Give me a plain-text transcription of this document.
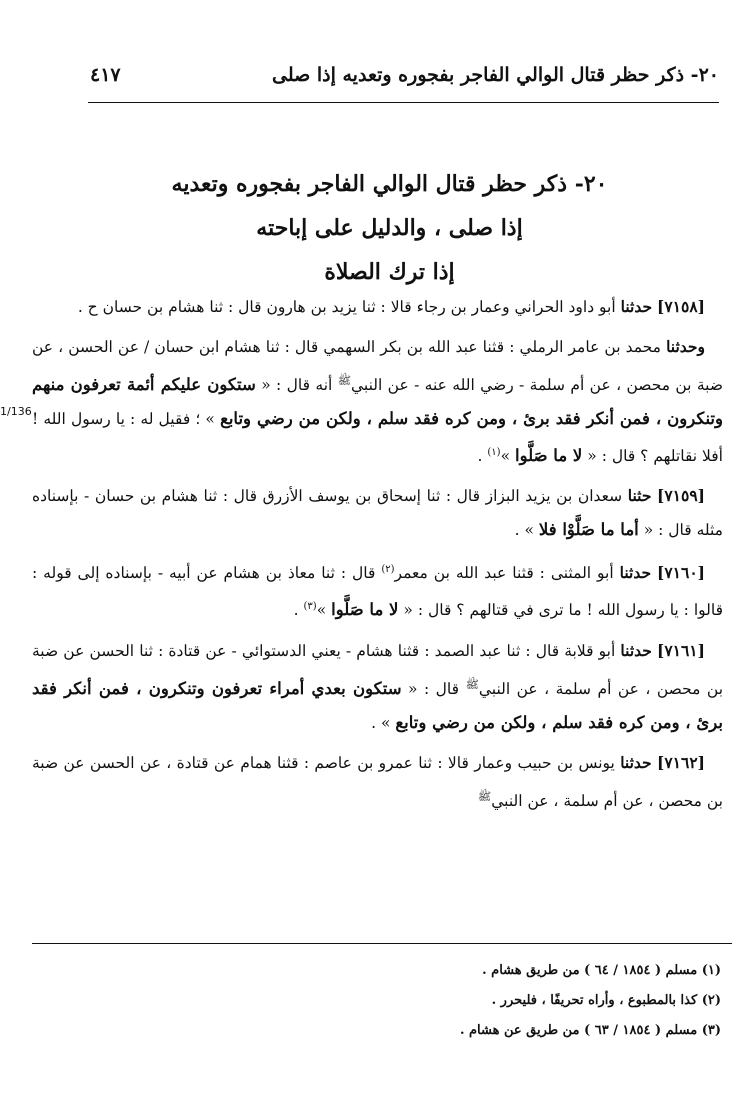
٢٠- ذكر حظر قتال الوالي الفاجر بفجوره وتعديه إذا صلى
٤١٧
٢٠- ذكر حظر قتال الوالي الفاجر بفجوره وتعديه
إذا صلى ، والدليل على إباحته
إذا ترك الصلاة
1/136

[٧١٥٨] حدثنا أبو داود الحراني وعمار بن رجاء قالا : ثنا يزيد بن هارون قال : ثنا هشام بن حسان ح .

وحدثنا محمد بن عامر الرملي : قثنا عبد الله بن بكر السهمي قال : ثنا هشام ابن حسان / عن الحسن ، عن ضبة بن محصن ، عن أم سلمة - رضي الله عنه - عن النبي$^ﷺ$ أنه قال : « ستكون عليكم أئمة تعرفون منهم وتنكرون ، فمن أنكر فقد برئ ، ومن كره فقد سلم ، ولكن من رضي وتابع » ؛ فقيل له : يا رسول الله ! أفلا نقاتلهم ؟ قال : « لا ما صَلَّوا »$^{(١)}$ .

[٧١٥٩] حثنا سعدان بن يزيد البزاز قال : ثنا إسحاق بن يوسف الأزرق قال : ثنا هشام بن حسان - بإسناده مثله قال : « أما ما صَلَّوْا فلا » .

[٧١٦٠] حدثنا أبو المثنى : قثنا عبد الله بن معمر$^{(٢)}$ قال : ثنا معاذ بن هشام عن أبيه - بإسناده إلى قوله : قالوا : يا رسول الله ! ما ترى في قتالهم ؟ قال : « لا ما صَلَّوا »$^{(٣)}$ .

[٧١٦١] حدثنا أبو قلابة قال : ثنا عبد الصمد : قثنا هشام - يعني الدستوائي - عن قتادة : ثنا الحسن عن ضبة بن محصن ، عن أم سلمة ، عن النبي$^ﷺ$ قال : « ستكون بعدي أمراء تعرفون وتنكرون ، فمن أنكر فقد برئ ، ومن كره فقد سلم ، ولكن من رضي وتابع » .

[٧١٦٢] حدثنا يونس بن حبيب وعمار قالا : ثنا عمرو بن عاصم : قثنا همام عن قتادة ، عن الحسن عن ضبة بن محصن ، عن أم سلمة ، عن النبي$^ﷺ$

(١) مسلم ( ١٨٥٤ / ٦٤ ) من طريق هشام .
(٢) كذا بالمطبوع ، وأراه تحريفًا ، فليحرر .
(٣) مسلم ( ١٨٥٤ / ٦٣ ) من طريق عن هشام .
